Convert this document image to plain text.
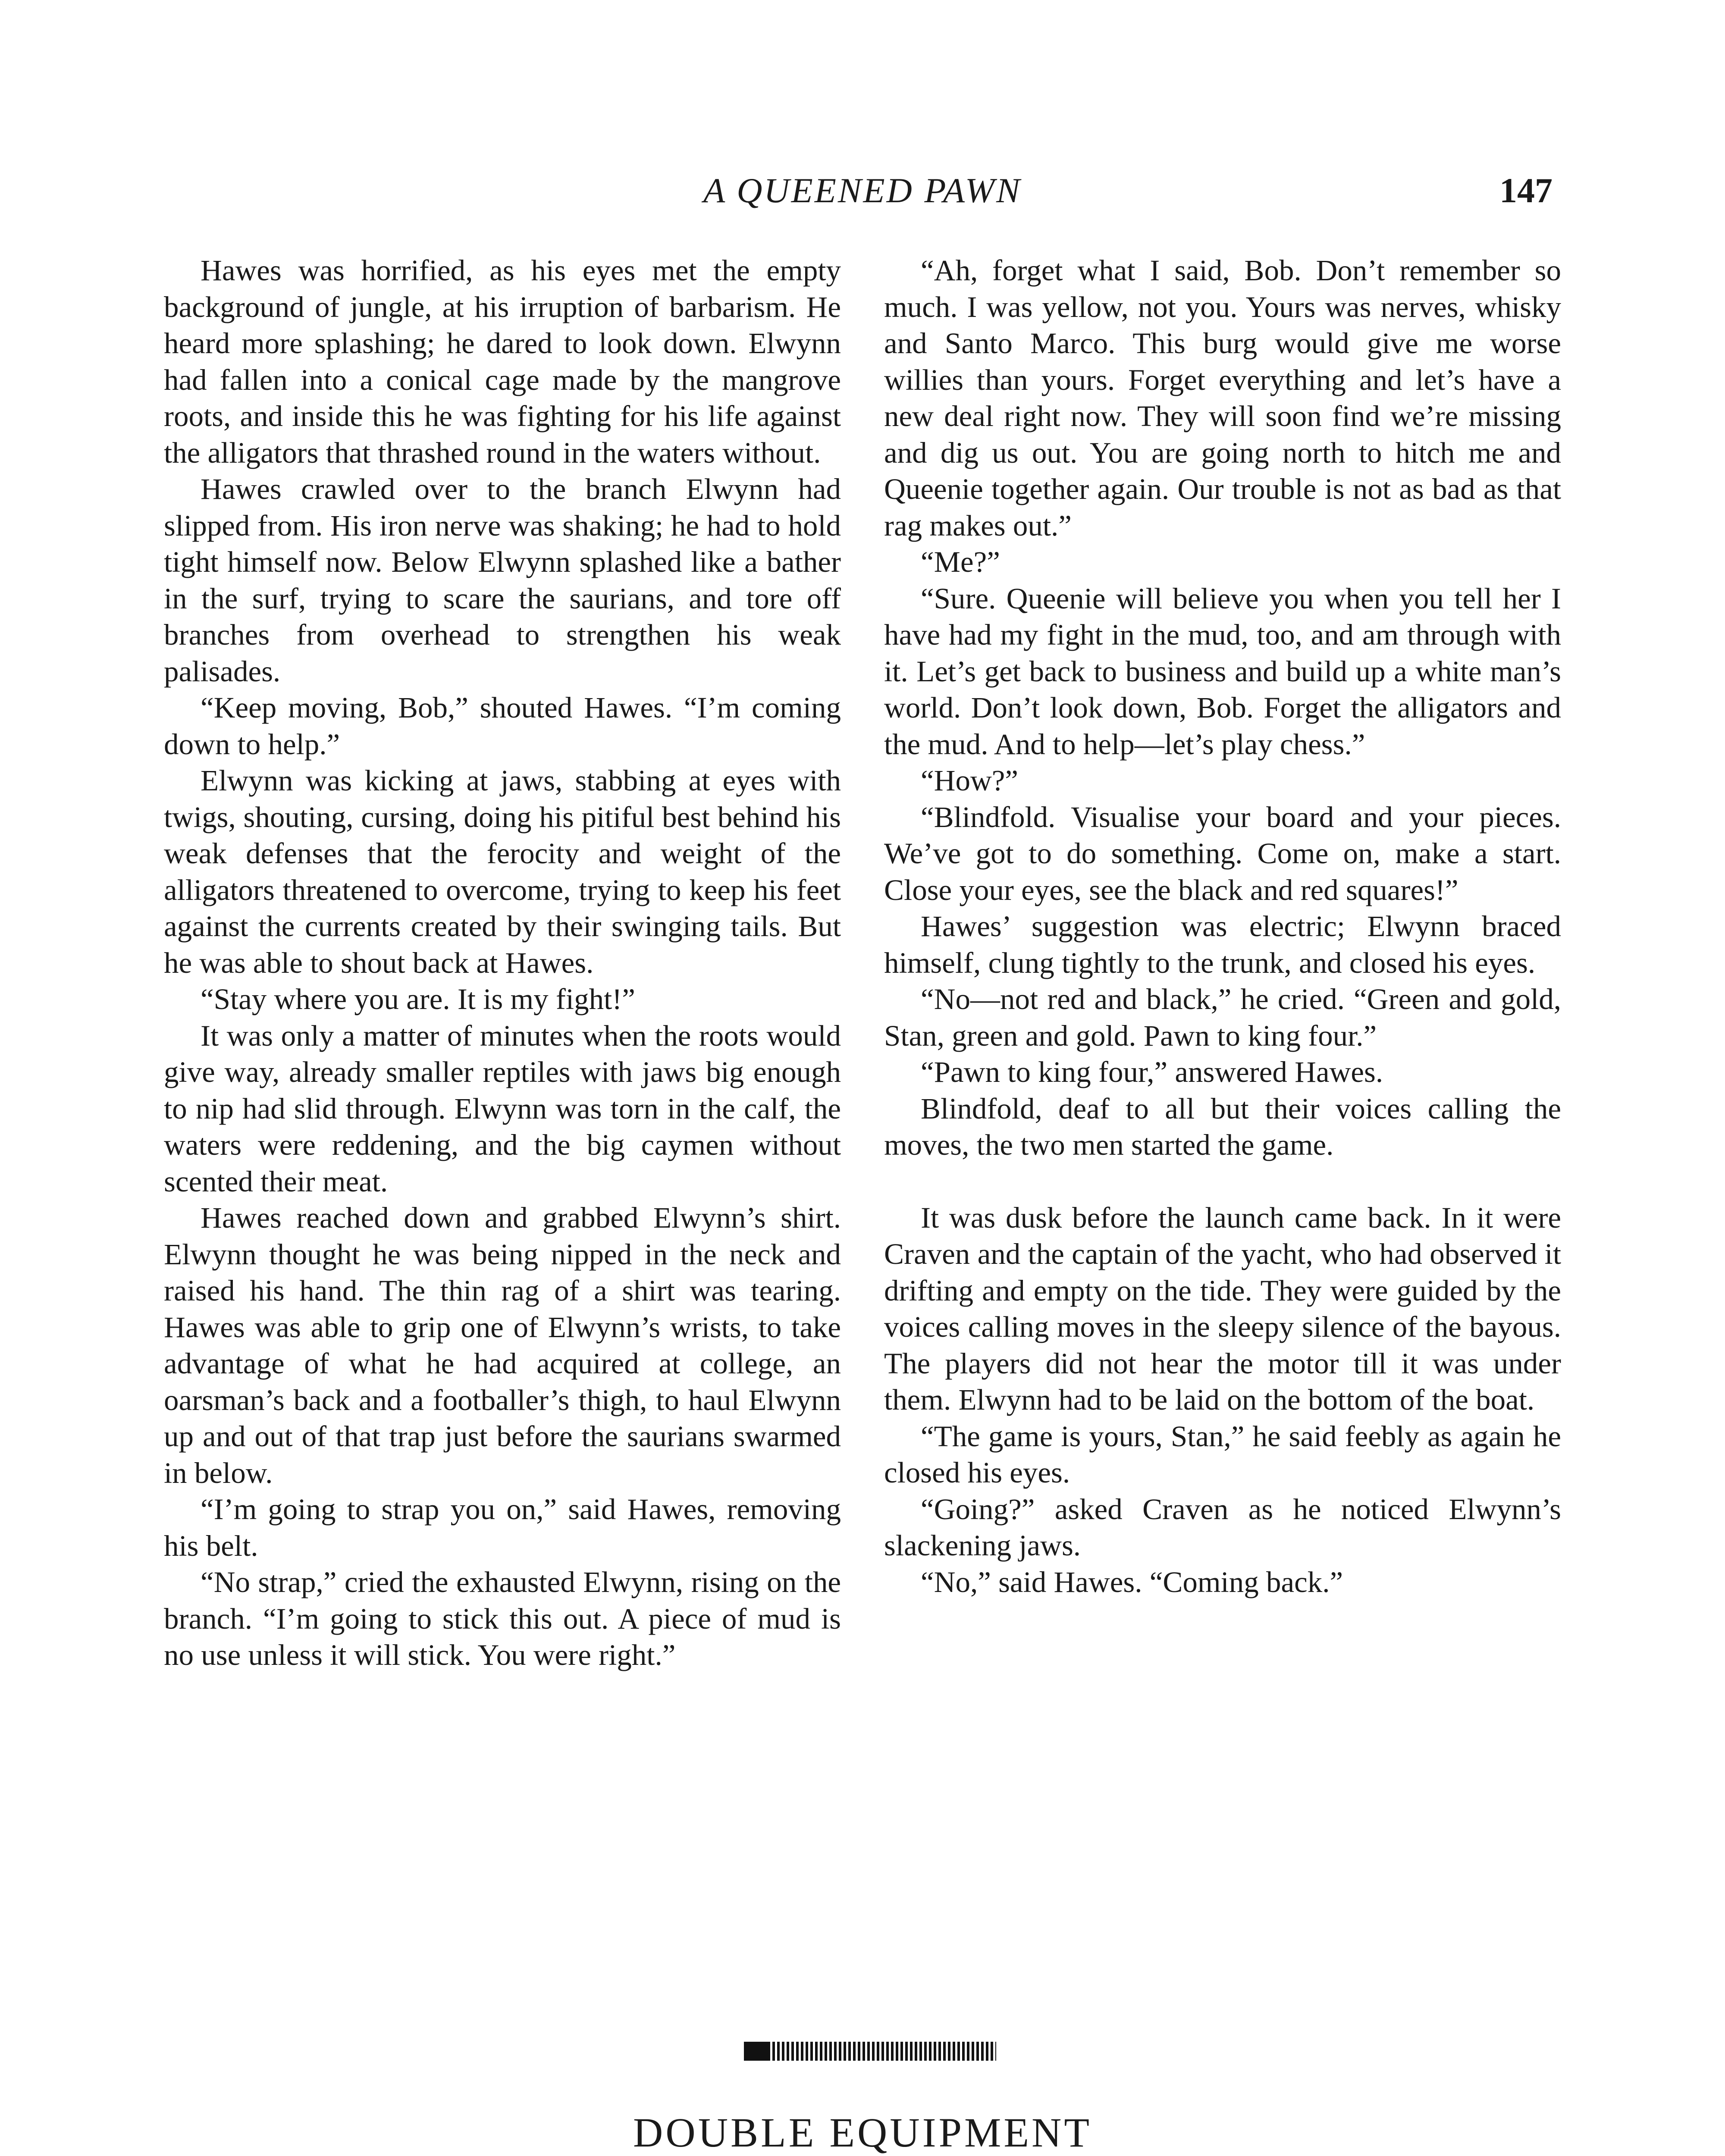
A QUEENED PAWN	147

Hawes was horrified, as his eyes met the empty background of jungle, at his irruption of barbarism. He heard more splashing; he dared to look down. Elwynn had fallen into a conical cage made by the mangrove roots, and inside this he was fighting for his life against the alligators that thrashed round in the waters without.

Hawes crawled over to the branch Elwynn had slipped from. His iron nerve was shaking; he had to hold tight himself now. Below Elwynn splashed like a bather in the surf, trying to scare the saurians, and tore off branches from overhead to strengthen his weak palisades.

“Keep moving, Bob,” shouted Hawes. “I’m coming down to help.”

Elwynn was kicking at jaws, stabbing at eyes with twigs, shouting, cursing, doing his pitiful best behind his weak defenses that the ferocity and weight of the alligators threatened to overcome, trying to keep his feet against the currents created by their swinging tails. But he was able to shout back at Hawes.

“Stay where you are. It is my fight!”

It was only a matter of minutes when the roots would give way, already smaller reptiles with jaws big enough to nip had slid through. Elwynn was torn in the calf, the waters were reddening, and the big caymen without scented their meat.

Hawes reached down and grabbed Elwynn’s shirt. Elwynn thought he was being nipped in the neck and raised his hand. The thin rag of a shirt was tearing. Hawes was able to grip one of Elwynn’s wrists, to take advantage of what he had acquired at college, an oarsman’s back and a footballer’s thigh, to haul Elwynn up and out of that trap just before the saurians swarmed in below.

“I’m going to strap you on,” said Hawes, removing his belt.

“No strap,” cried the exhausted Elwynn, rising on the branch. “I’m going to stick this out. A piece of mud is no use unless it will stick. You were right.”

“Ah, forget what I said, Bob. Don’t remember so much. I was yellow, not you. Yours was nerves, whisky and Santo Marco. This burg would give me worse willies than yours. Forget everything and let’s have a new deal right now. They will soon find we’re missing and dig us out. You are going north to hitch me and Queenie together again. Our trouble is not as bad as that rag makes out.”

“Me?”

“Sure. Queenie will believe you when you tell her I have had my fight in the mud, too, and am through with it. Let’s get back to business and build up a white man’s world. Don’t look down, Bob. Forget the alligators and the mud. And to help—let’s play chess.”

“How?”

“Blindfold. Visualise your board and your pieces. We’ve got to do something. Come on, make a start. Close your eyes, see the black and red squares!”

Hawes’ suggestion was electric; Elwynn braced himself, clung tightly to the trunk, and closed his eyes.

“No—not red and black,” he cried. “Green and gold, Stan, green and gold. Pawn to king four.”

“Pawn to king four,” answered Hawes.

Blindfold, deaf to all but their voices calling the moves, the two men started the game.

It was dusk before the launch came back. In it were Craven and the captain of the yacht, who had observed it drifting and empty on the tide. They were guided by the voices calling moves in the sleepy silence of the bayous. The players did not hear the motor till it was under them. Elwynn had to be laid on the bottom of the boat.

“The game is yours, Stan,” he said feebly as again he closed his eyes.

“Going?” asked Craven as he noticed Elwynn’s slackening jaws.

“No,” said Hawes. “Coming back.”

DOUBLE EQUIPMENT
